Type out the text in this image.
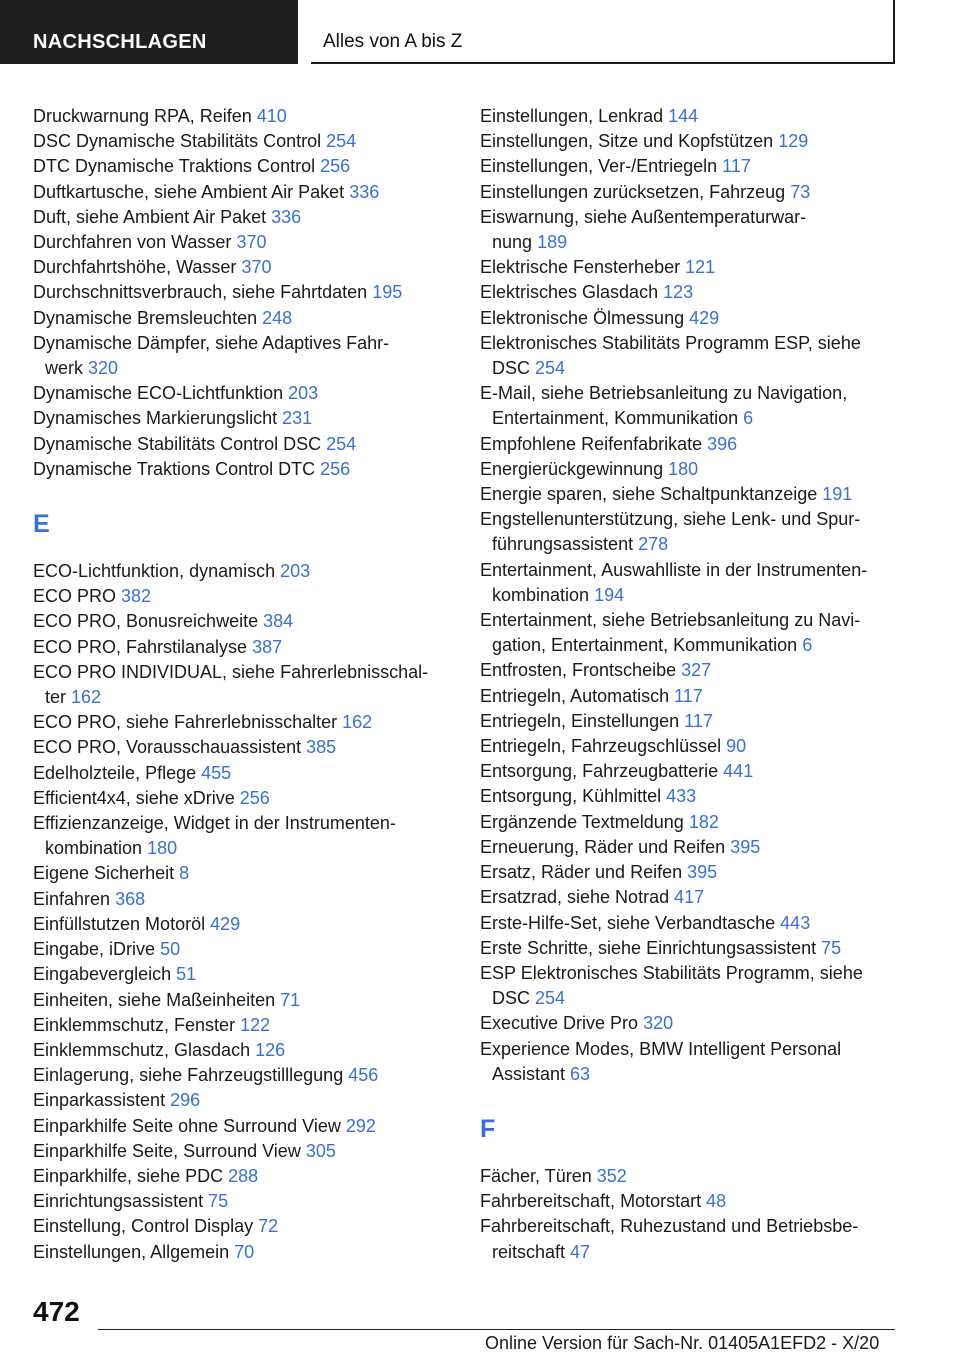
NACHSCHLAGEN	Alles von A bis Z
Druckwarnung RPA, Reifen 410
DSC Dynamische Stabilitäts Control 254
DTC Dynamische Traktions Control 256
Duftkartusche, siehe Ambient Air Paket 336
Duft, siehe Ambient Air Paket 336
Durchfahren von Wasser 370
Durchfahrtshöhe, Wasser 370
Durchschnittsverbrauch, siehe Fahrtdaten 195
Dynamische Bremsleuchten 248
Dynamische Dämpfer, siehe Adaptives Fahr-
werk 320
Dynamische ECO-Lichtfunktion 203
Dynamisches Markierungslicht 231
Dynamische Stabilitäts Control DSC 254
Dynamische Traktions Control DTC 256
E
ECO-Lichtfunktion, dynamisch 203
ECO PRO 382
ECO PRO, Bonusreichweite 384
ECO PRO, Fahrstilanalyse 387
ECO PRO INDIVIDUAL, siehe Fahrerlebnisschal-
ter 162
ECO PRO, siehe Fahrerlebnisschalter 162
ECO PRO, Vorausschauassistent 385
Edelholzteile, Pflege 455
Efficient4x4, siehe xDrive 256
Effizienzanzeige, Widget in der Instrumenten-
kombination 180
Eigene Sicherheit 8
Einfahren 368
Einfüllstutzen Motoröl 429
Eingabe, iDrive 50
Eingabevergleich 51
Einheiten, siehe Maßeinheiten 71
Einklemmschutz, Fenster 122
Einklemmschutz, Glasdach 126
Einlagerung, siehe Fahrzeugstilllegung 456
Einparkassistent 296
Einparkhilfe Seite ohne Surround View 292
Einparkhilfe Seite, Surround View 305
Einparkhilfe, siehe PDC 288
Einrichtungsassistent 75
Einstellung, Control Display 72
Einstellungen, Allgemein 70
Einstellungen, Lenkrad 144
Einstellungen, Sitze und Kopfstützen 129
Einstellungen, Ver-/Entriegeln 117
Einstellungen zurücksetzen, Fahrzeug 73
Eiswarnung, siehe Außentemperaturwar-
nung 189
Elektrische Fensterheber 121
Elektrisches Glasdach 123
Elektronische Ölmessung 429
Elektronisches Stabilitäts Programm ESP, siehe
DSC 254
E-Mail, siehe Betriebsanleitung zu Navigation,
Entertainment, Kommunikation 6
Empfohlene Reifenfabrikate 396
Energierückgewinnung 180
Energie sparen, siehe Schaltpunktanzeige 191
Engstellenunterstützung, siehe Lenk- und Spur-
führungsassistent 278
Entertainment, Auswahlliste in der Instrumenten-
kombination 194
Entertainment, siehe Betriebsanleitung zu Navi-
gation, Entertainment, Kommunikation 6
Entfrosten, Frontscheibe 327
Entriegeln, Automatisch 117
Entriegeln, Einstellungen 117
Entriegeln, Fahrzeugschlüssel 90
Entsorgung, Fahrzeugbatterie 441
Entsorgung, Kühlmittel 433
Ergänzende Textmeldung 182
Erneuerung, Räder und Reifen 395
Ersatz, Räder und Reifen 395
Ersatzrad, siehe Notrad 417
Erste-Hilfe-Set, siehe Verbandtasche 443
Erste Schritte, siehe Einrichtungsassistent 75
ESP Elektronisches Stabilitäts Programm, siehe
DSC 254
Executive Drive Pro 320
Experience Modes, BMW Intelligent Personal
Assistant 63
F
Fächer, Türen 352
Fahrbereitschaft, Motorstart 48
Fahrbereitschaft, Ruhezustand und Betriebsbe-
reitschaft 47
472
Online Version für Sach-Nr. 01405A1EFD2 - X/20
